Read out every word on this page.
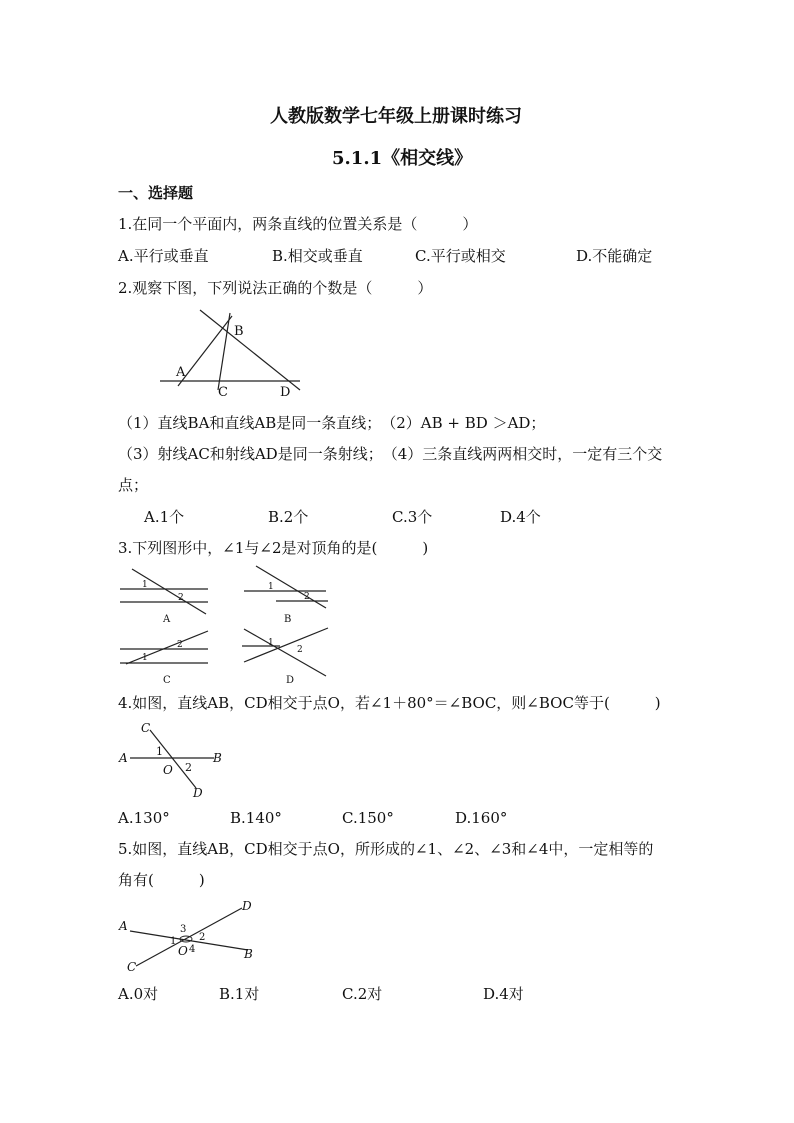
人教版数学七年级上册课时练习
5.1.1《相交线》
一、选择题
1.在同一个平面内，两条直线的位置关系是（　　　）
A.平行或垂直	B.相交或垂直	C.平行或相交	D.不能确定
2.观察下图，下列说法正确的个数是（　　　）
A
B
C	D
（1）直线BA和直线AB是同一条直线；　（2）AB + BD ＞AD；
（3）射线AC和射线AD是同一条射线；　（4）三条直线两两相交时，一定有三个交
点；
A.1个	B.2个	C.3个	D.4个
3.下列图形中，∠1与∠2是对顶角的是(　　　)
1
2
A
1
2
B
1
2
C
1
2
D
4.如图，直线AB，CD相交于点O，若∠1＋80°＝∠BOC，则∠BOC等于(　　　)
C
A	B
O
D
1
2
A.130°	B.140°	C.150°	D.160°
5.如图，直线AB，CD相交于点O，所形成的∠1、∠2、∠3和∠4中，一定相等的
角有(　　　)
A
D
3
1 2
O 4
C
B
A.0对	B.1对	C.2对	D.4对
